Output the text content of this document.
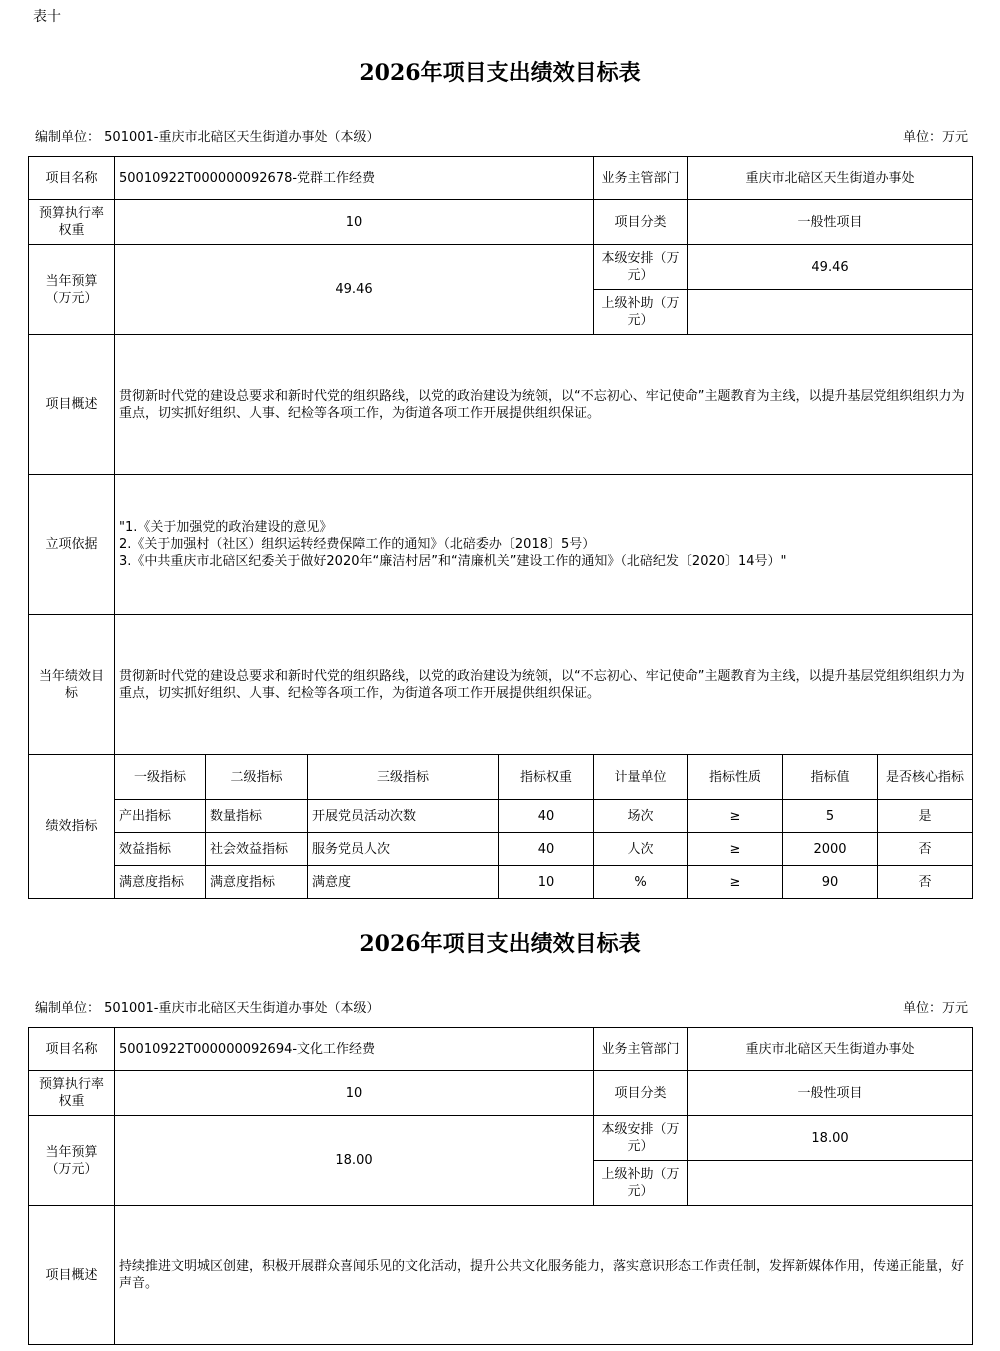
表十
2026年项目支出绩效目标表
编制单位： 501001-重庆市北碚区天生街道办事处（本级）	单位：万元
项目名称	50010922T000000092678-党群工作经费				业务主管部门	重庆市北碚区天生街道办事处		
预算执行率权重	10				项目分类	一般性项目		
当年预算（万元）	49.46				本级安排（万元）	49.46		
					上级补助（万元）			
项目概述	贯彻新时代党的建设总要求和新时代党的组织路线，以党的政治建设为统领，以“不忘初心、牢记使命”主题教育为主线，以提升基层党组织组织力为重点，切实抓好组织、人事、纪检等各项工作，为街道各项工作开展提供组织保证。							
立项依据	"1.《关于加强党的政治建设的意见》
2.《关于加强村（社区）组织运转经费保障工作的通知》（北碚委办〔2018〕5号）
3.《中共重庆市北碚区纪委关于做好2020年“廉洁村居”和“清廉机关”建设工作的通知》（北碚纪发〔2020〕14号）"							
当年绩效目标	贯彻新时代党的建设总要求和新时代党的组织路线，以党的政治建设为统领，以“不忘初心、牢记使命”主题教育为主线，以提升基层党组织组织力为重点，切实抓好组织、人事、纪检等各项工作，为街道各项工作开展提供组织保证。							
绩效指标	一级指标	二级指标	三级指标	指标权重	计量单位	指标性质	指标值	是否核心指标
	产出指标	数量指标	开展党员活动次数	40	场次	≥	5	是
	效益指标	社会效益指标	服务党员人次	40	人次	≥	2000	否
	满意度指标	满意度指标	满意度	10	%	≥	90	否
2026年项目支出绩效目标表
编制单位： 501001-重庆市北碚区天生街道办事处（本级）	单位：万元
项目名称	50010922T000000092694-文化工作经费	业务主管部门	重庆市北碚区天生街道办事处
预算执行率权重	10	项目分类	一般性项目
当年预算（万元）	18.00	本级安排（万元）	18.00
		上级补助（万元）	
项目概述	持续推进文明城区创建，积极开展群众喜闻乐见的文化活动，提升公共文化服务能力，落实意识形态工作责任制，发挥新媒体作用，传递正能量，好声音。		
